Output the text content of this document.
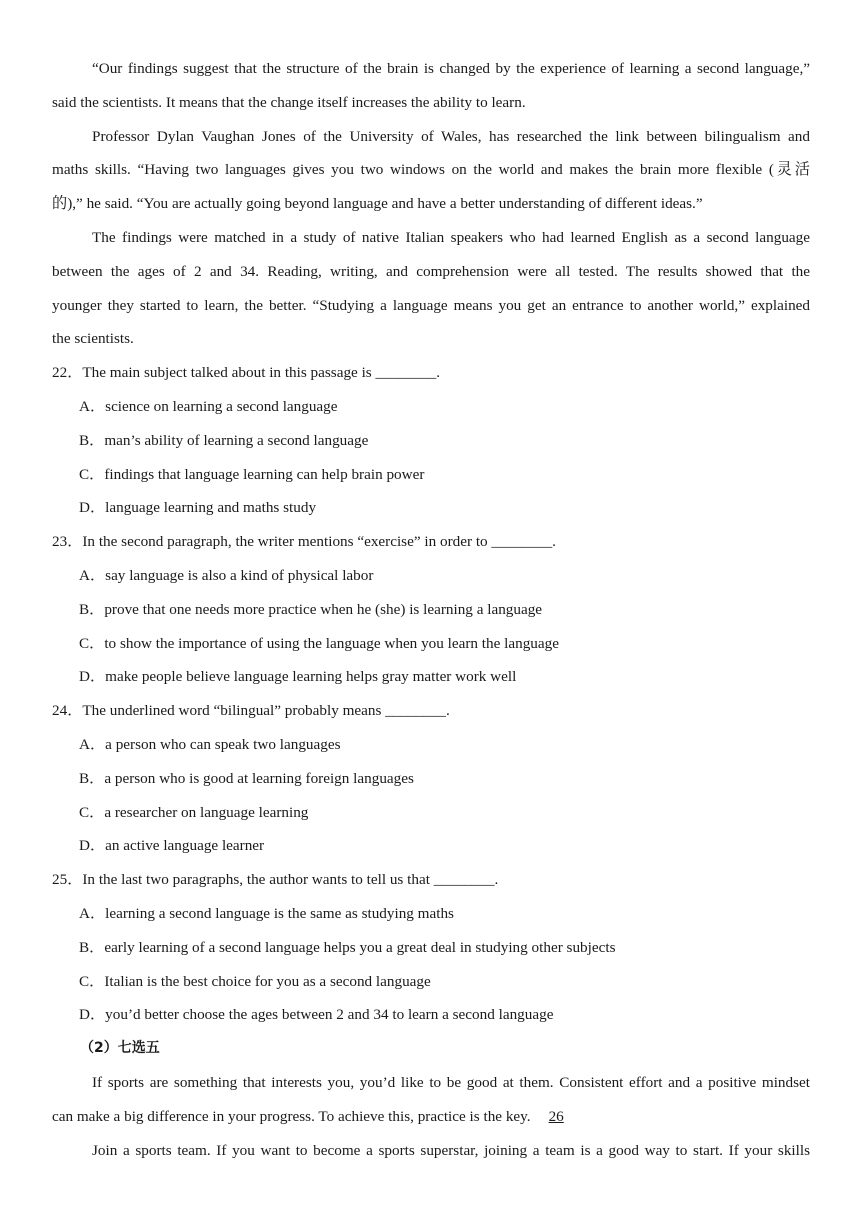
“Our findings suggest that the structure of the brain is changed by the experience of learning a second language,”
said the scientists. It means that the change itself increases the ability to learn.
Professor Dylan Vaughan Jones of the University of Wales, has researched the link between bilingualism and
maths skills. “Having two languages gives you two windows on the world and makes the brain more flexible (灵活
的),” he said. “You are actually going beyond language and have a better understanding of different ideas.”
The findings were matched in a study of native Italian speakers who had learned English as a second language
between the ages of 2 and 34. Reading, writing, and comprehension were all tested. The results showed that the
younger they started to learn, the better. “Studying a language means you get an entrance to another world,” explained
the scientists.
22．The main subject talked about in this passage is ________.
A．science on learning a second language
B．man’s ability of learning a second language
C．findings that language learning can help brain power
D．language learning and maths study
23．In the second paragraph, the writer mentions “exercise” in order to ________.
A．say language is also a kind of physical labor
B．prove that one needs more practice when he (she) is learning a language
C．to show the importance of using the language when you learn the language
D．make people believe language learning helps gray matter work well
24．The underlined word “bilingual” probably means ________.
A．a person who can speak two languages
B．a person who is good at learning foreign languages
C．a researcher on language learning
D．an active language learner
25．In the last two paragraphs, the author wants to tell us that ________.
A．learning a second language is the same as studying maths
B．early learning of a second language helps you a great deal in studying other subjects
C．Italian is the best choice for you as a second language
D．you’d better choose the ages between 2 and 34 to learn a second language
（2）七选五
If sports are something that interests you, you’d like to be good at them. Consistent effort and a positive mindset
can make a big difference in your progress. To achieve this, practice is the key. 26
Join a sports team. If you want to become a sports superstar, joining a team is a good way to start. If your skills
